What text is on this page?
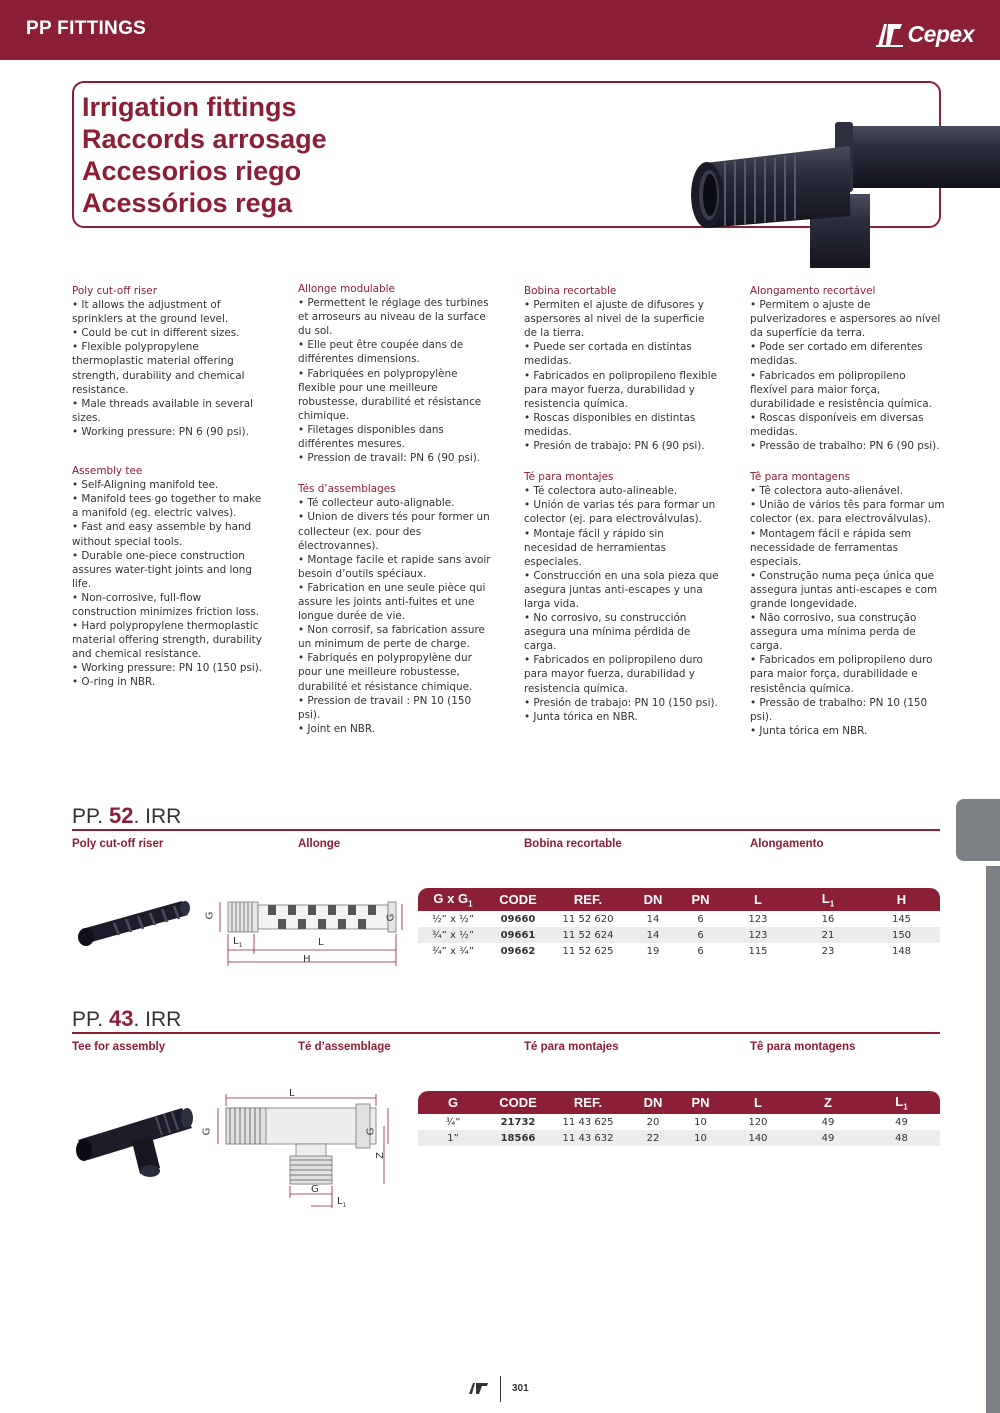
PP FITTINGS	Cepex
Irrigation fittings
Raccords arrosage
Accesorios riego
Acessórios rega

Poly cut-off riser

• It allows the adjustment of sprinklers at the ground level.

• Could be cut in different sizes.

• Flexible polypropylene thermoplastic material offering strength, durability and chemical resistance.

• Male threads available in several sizes.

• Working pressure: PN 6 (90 psi).

Assembly tee

• Self-Aligning manifold tee.

• Manifold tees go together to make a manifold (eg. electric valves).

• Fast and easy assemble by hand without special tools.

• Durable one-piece construction assures water-tight joints and long life.

• Non-corrosive, full-flow construction minimizes friction loss.

• Hard polypropylene thermoplastic material offering strength, durability and chemical resistance.

• Working pressure: PN 10 (150 psi).

• O-ring in NBR.

Allonge modulable

• Permettent le réglage des turbines et arroseurs au niveau de la surface du sol.

• Elle peut être coupée dans de différentes dimensions.

• Fabriquées en polypropylène flexible pour une meilleure robustesse, durabilité et résistance chimique.

• Filetages disponibles dans différentes mesures.

• Pression de travail: PN 6 (90 psi).

Tés d’assemblages

• Té collecteur auto-alignable.

• Union de divers tés pour former un collecteur (ex. pour des électrovannes).

• Montage facile et rapide sans avoir besoin d’outils spéciaux.

• Fabrication en une seule pièce qui assure les joints anti-fuites et une longue durée de vie.

• Non corrosif, sa fabrication assure un minimum de perte de charge.

• Fabriqués en polypropylène dur pour une meilleure robustesse, durabilité et résistance chimique.

• Pression de travail : PN 10 (150 psi).

• Joint en NBR.

Bobina recortable

• Permiten el ajuste de difusores y aspersores al nivel de la superficie de la tierra.

• Puede ser cortada en distintas medidas.

• Fabricados en polipropileno flexible para mayor fuerza, durabilidad y resistencia química.

• Roscas disponibles en distintas medidas.

• Presión de trabajo: PN 6 (90 psi).

Té para montajes

• Té colectora auto-alineable.

• Unión de varias tés para formar un colector (ej. para electroválvulas).

• Montaje fácil y rápido sin necesidad de herramientas especiales.

• Construcción en una sola pieza que asegura juntas anti-escapes y una larga vida.

• No corrosivo, su construcción asegura una mínima pérdida de carga.

• Fabricados en polipropileno duro para mayor fuerza, durabilidad y resistencia química.

• Presión de trabajo: PN 10 (150 psi).

• Junta tórica en NBR.

Alongamento recortável

• Permitem o ajuste de pulverizadores e aspersores ao nível da superfície da terra.

• Pode ser cortado em diferentes medidas.

• Fabricados em polipropileno flexível para maior força, durabilidade e resistência química.

• Roscas disponíveis em diversas medidas.

• Pressão de trabalho: PN 6 (90 psi).

Tê para montagens

• Tê colectora auto-alienável.

• União de vários tês para formar um colector (ex. para electroválvulas).

• Montagem fácil e rápida sem necessidade de ferramentas especiais.

• Construção numa peça única que assegura juntas anti-escapes e com grande longevidade.

• Não corrosivo, sua construção assegura uma mínima perda de carga.

• Fabricados em polipropileno duro para maior força, durabilidade e resistência química.

• Pressão de trabalho: PN 10 (150 psi).

• Junta tórica em NBR.

PP. 52. IRR
Poly cut-off riser	Allonge	Bobina recortable	Alongamento
G	G
$L_1$	L
H
G x $G_1$	CODE	REF.	DN	PN	L	$L_1$	H
½” x ½”	09660	11 52 620	14	6	123	16	145
¾” x ½”	09661	11 52 624	14	6	123	21	150
¾” x ¾”	09662	11 52 625	19	6	115	23	148
PP. 43. IRR
Tee for assembly	Té d’assemblage	Té para montajes	Tê para montagens
L
G	G
Z
G
$L_1$
G	CODE	REF.	DN	PN	L	Z	$L_1$
¾”	21732	11 43 625	20	10	120	49	49
1”	18566	11 43 632	22	10	140	49	48
301
